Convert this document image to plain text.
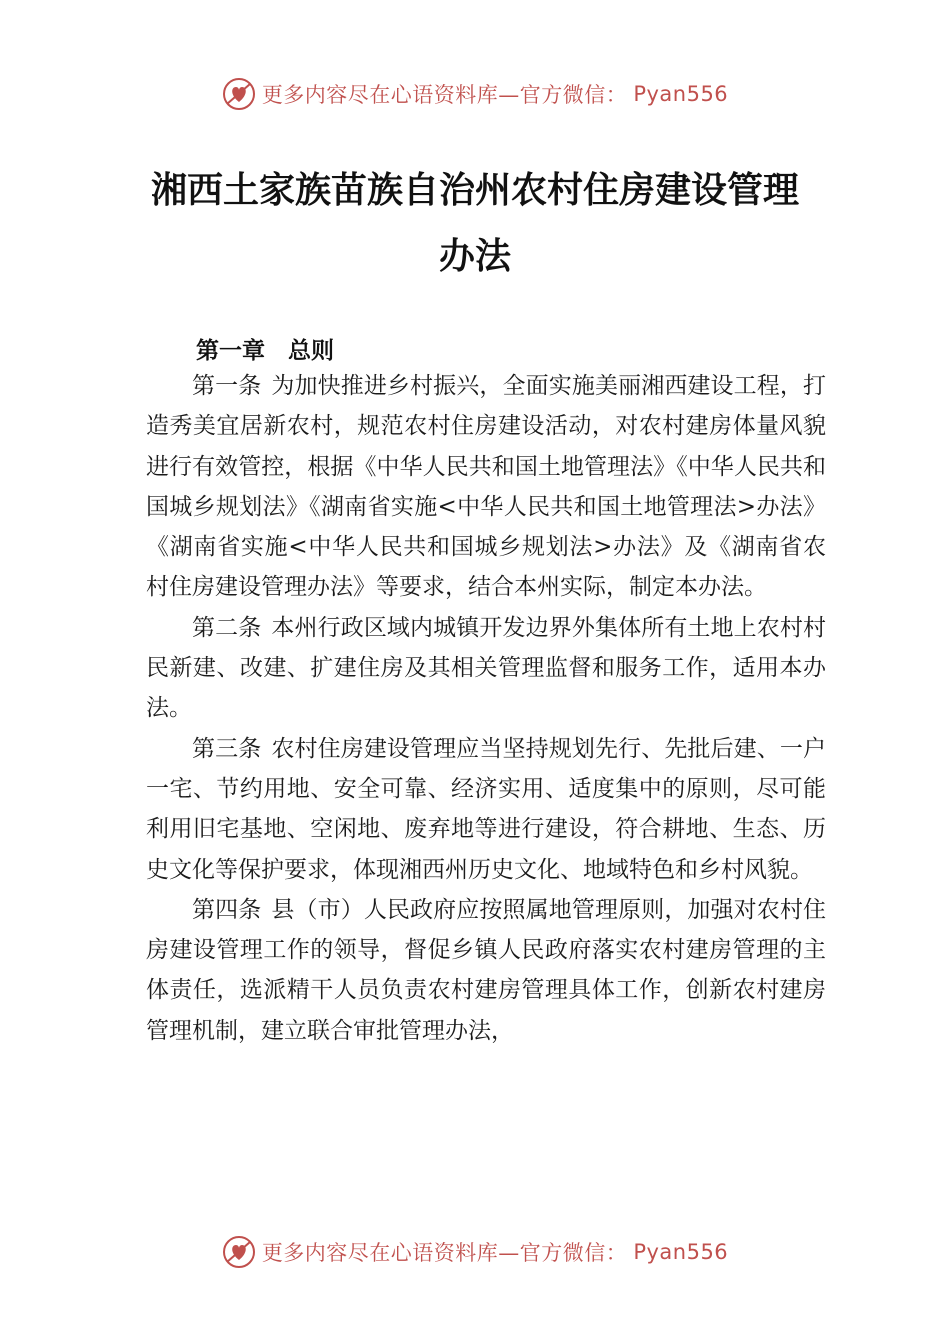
更多内容尽在心语资料库—官方微信： Pyan556
湘西土家族苗族自治州农村住房建设管理
办法
第一章　总则

第一条 为加快推进乡村振兴，全面实施美丽湘西建设工程，打造秀美宜居新农村，规范农村住房建设活动，对农村建房体量风貌进行有效管控，根据《中华人民共和国土地管理法》《中华人民共和国城乡规划法》《湖南省实施<中华人民共和国土地管理法>办法》《湖南省实施<中华人民共和国城乡规划法>办法》及《湖南省农村住房建设管理办法》等要求，结合本州实际，制定本办法。

第二条 本州行政区域内城镇开发边界外集体所有土地上农村村民新建、改建、扩建住房及其相关管理监督和服务工作，适用本办法。

第三条 农村住房建设管理应当坚持规划先行、先批后建、一户一宅、节约用地、安全可靠、经济实用、适度集中的原则，尽可能利用旧宅基地、空闲地、废弃地等进行建设，符合耕地、生态、历史文化等保护要求，体现湘西州历史文化、地域特色和乡村风貌。

第四条 县（市）人民政府应按照属地管理原则，加强对农村住房建设管理工作的领导，督促乡镇人民政府落实农村建房管理的主体责任，选派精干人员负责农村建房管理具体工作，创新农村建房管理机制，建立联合审批管理办法，

更多内容尽在心语资料库—官方微信： Pyan556
